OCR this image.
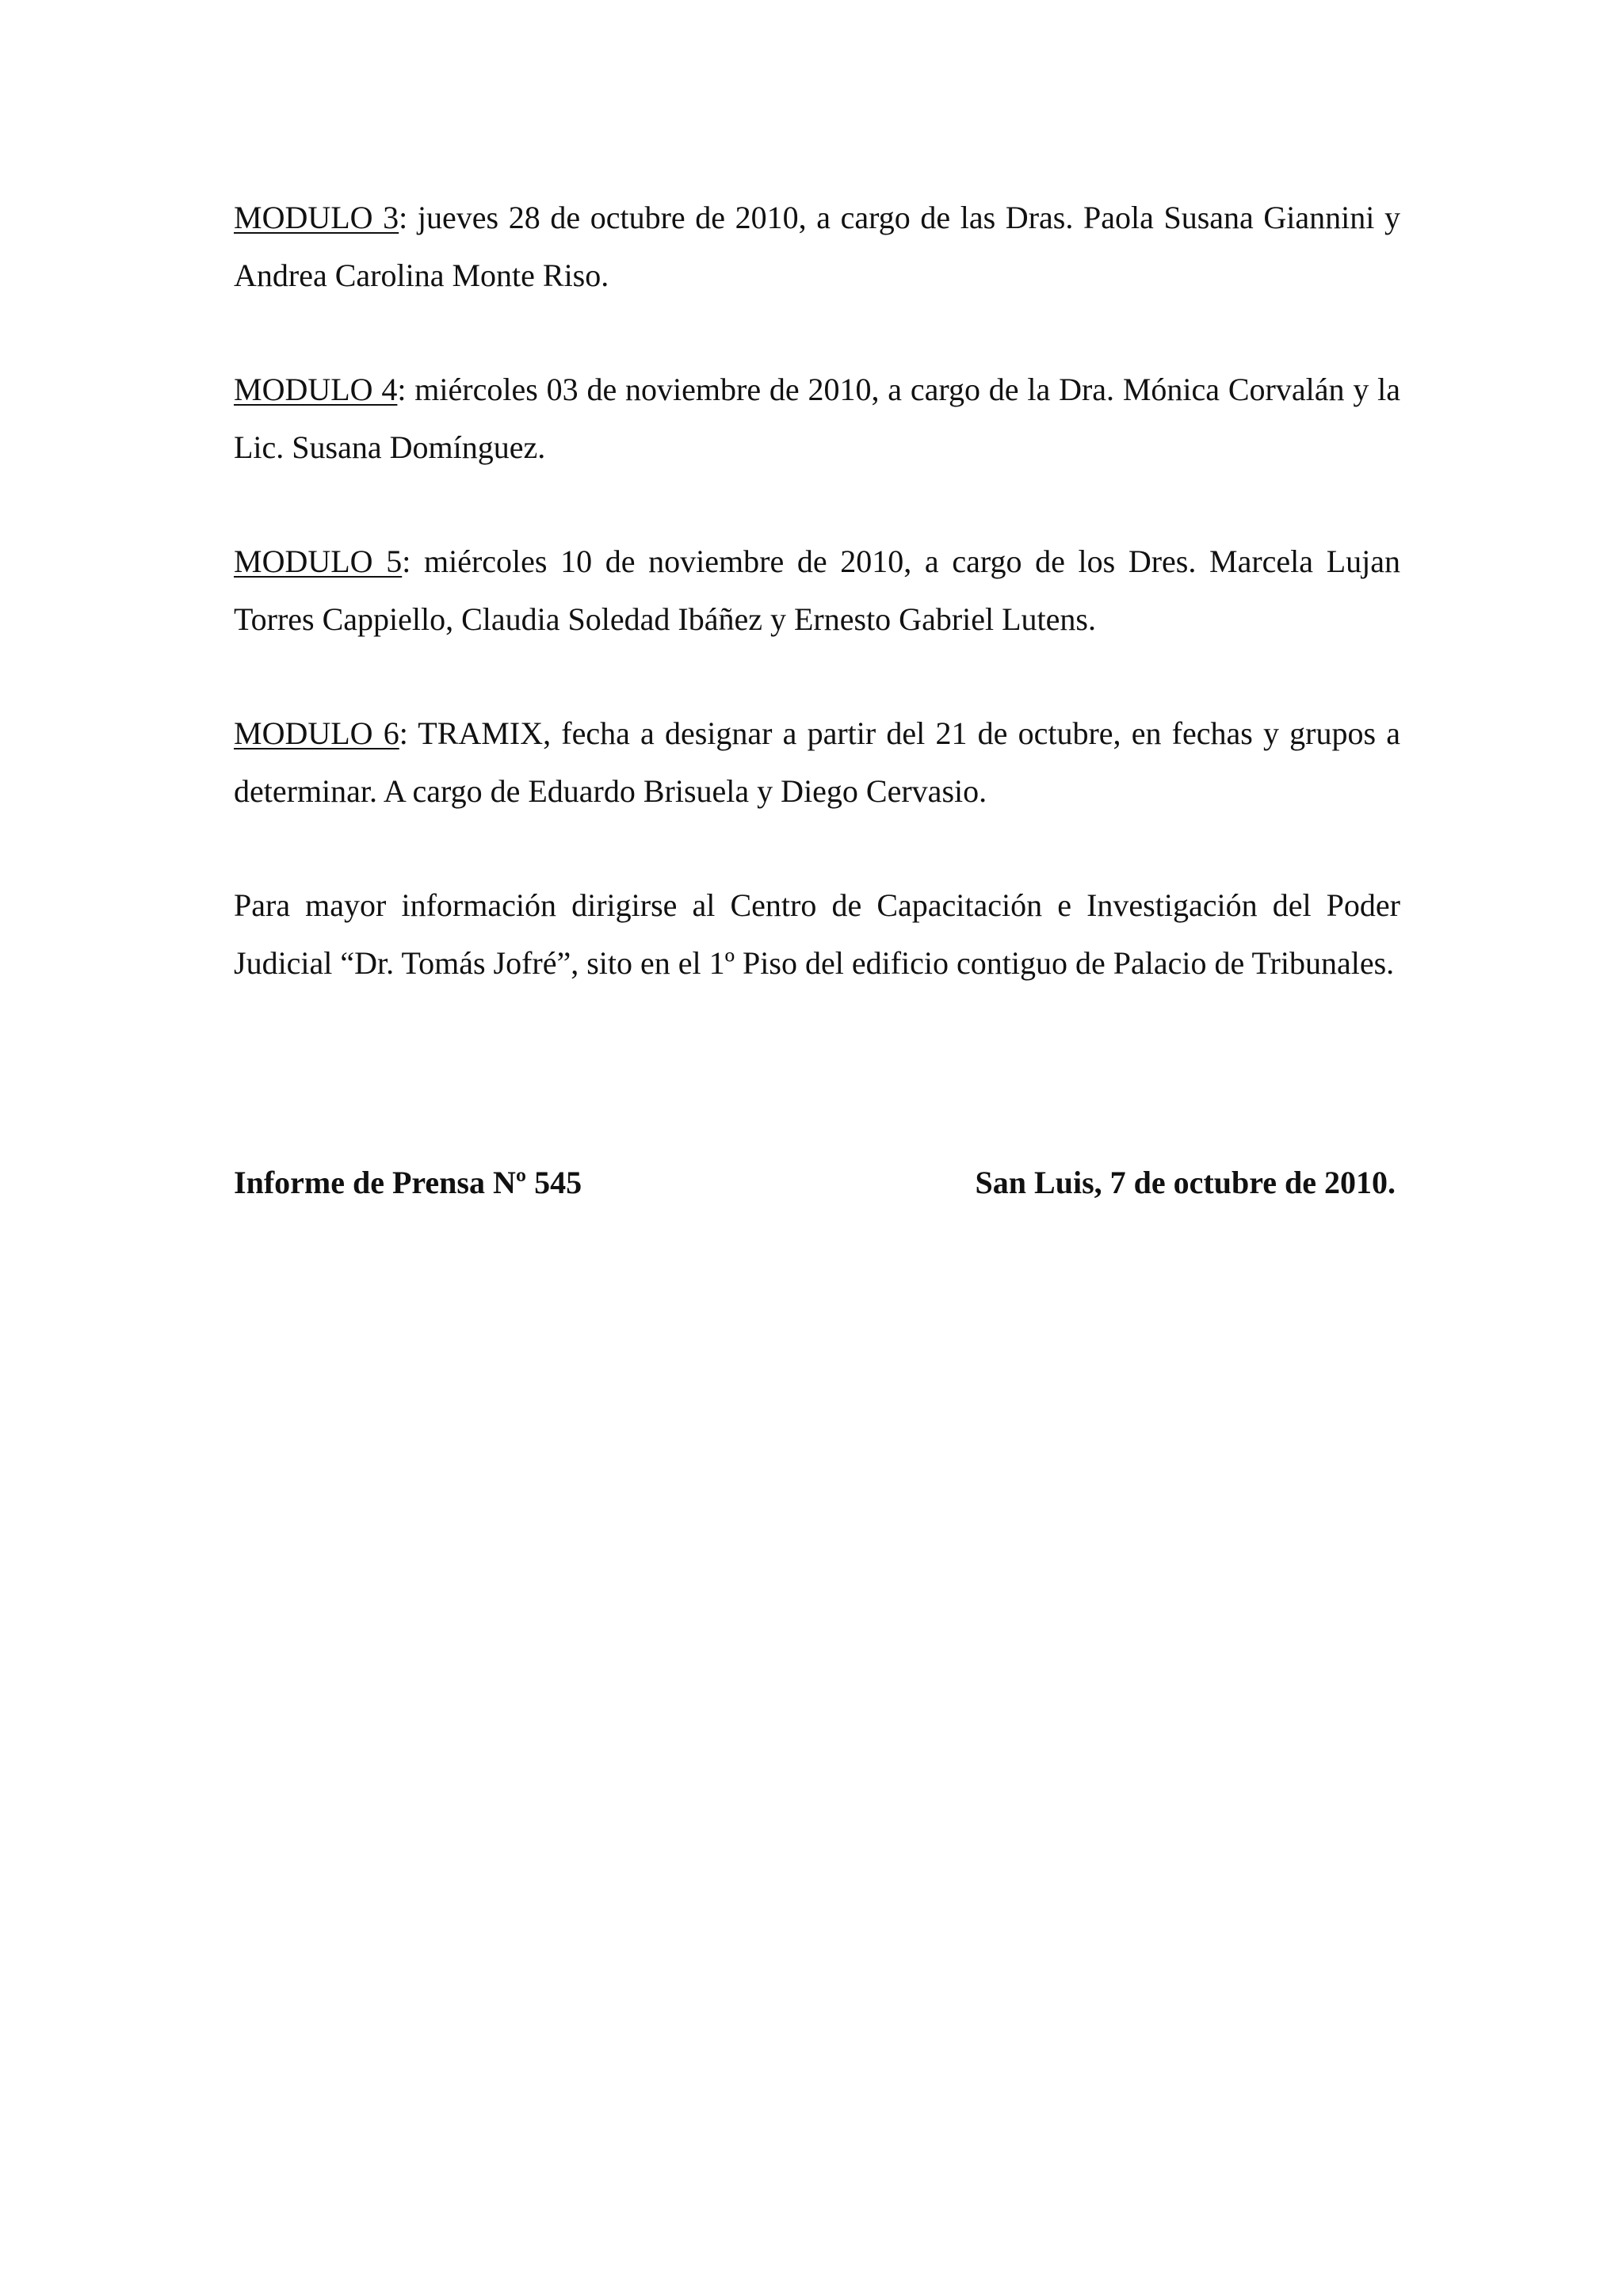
MODULO 3: jueves 28 de octubre de 2010, a cargo de las Dras. Paola Susana Giannini y Andrea Carolina Monte Riso.

MODULO 4: miércoles 03 de noviembre de 2010, a cargo de la Dra. Mónica Corvalán y la Lic. Susana Domínguez.

MODULO 5: miércoles 10 de noviembre de 2010, a cargo de los Dres. Marcela Lujan Torres Cappiello, Claudia Soledad Ibáñez y Ernesto Gabriel Lutens.

MODULO 6: TRAMIX, fecha a designar a partir del 21 de octubre, en fechas y grupos a determinar. A cargo de Eduardo Brisuela y Diego Cervasio.

Para mayor información dirigirse al Centro de Capacitación e Investigación del Poder Judicial “Dr. Tomás Jofré”, sito en el 1º Piso del edificio contiguo de Palacio de Tribunales.

Informe de Prensa Nº 545	San Luis, 7 de octubre de 2010.
